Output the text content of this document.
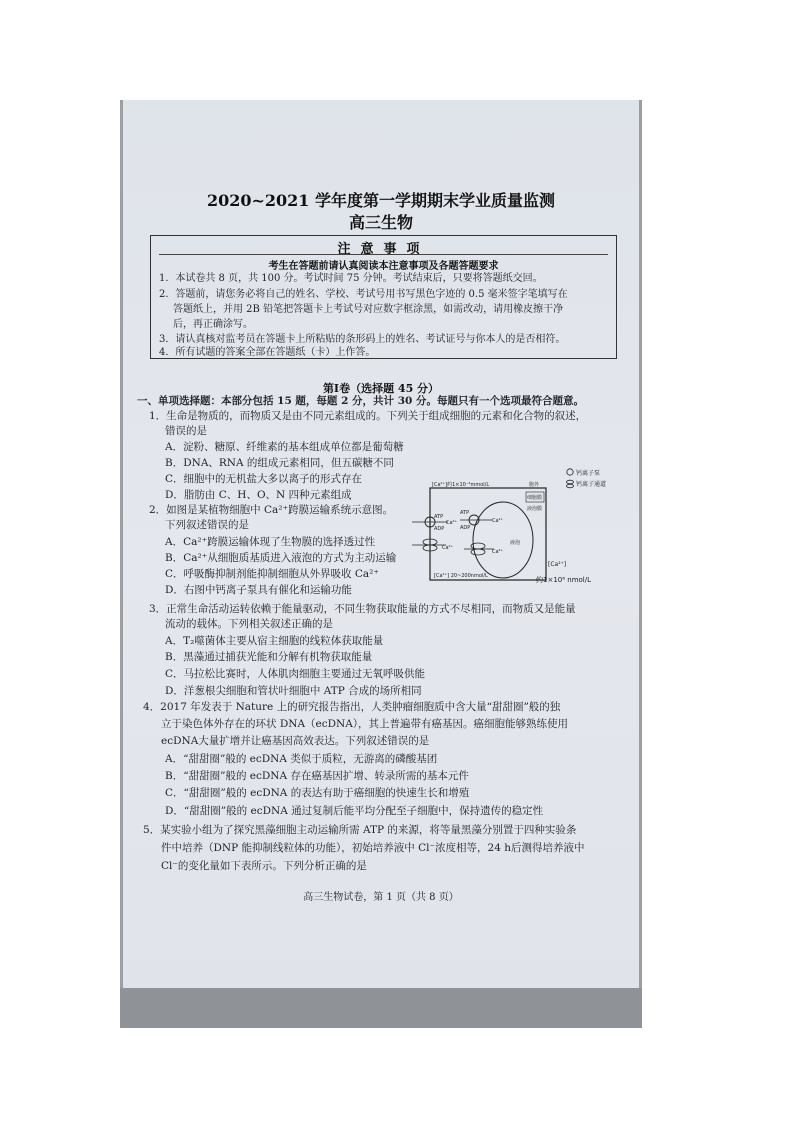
2020~2021 学年度第一学期期末学业质量监测
高三生物
注意事项
考生在答题前请认真阅读本注意事项及各题答题要求
1．本试卷共 8 页，共 100 分。考试时间 75 分钟。考试结束后，只要将答题纸交回。
2．答题前，请您务必将自己的姓名、学校、考试号用书写黑色字迹的 0.5 毫米签字笔填写在
答题纸上，并用 2B 铅笔把答题卡上考试号对应数字框涂黑，如需改动，请用橡皮擦干净
后，再正确涂写。
3．请认真核对监考员在答题卡上所粘贴的条形码上的姓名、考试证号与你本人的是否相符。
4．所有试题的答案全部在答题纸（卡）上作答。
第Ⅰ卷（选择题 45 分）
一、单项选择题：本部分包括 15 题，每题 2 分，共计 30 分。每题只有一个选项最符合题意。
1．生命是物质的，而物质又是由不同元素组成的。下列关于组成细胞的元素和化合物的叙述，
错误的是
A．淀粉、糖原、纤维素的基本组成单位都是葡萄糖
B．DNA、RNA 的组成元素相同，但五碳糖不同
C．细胞中的无机盐大多以离子的形式存在
D．脂肪由 C、H、O、N 四种元素组成
2．如图是某植物细胞中 Ca²⁺跨膜运输系统示意图。
下列叙述错误的是
A．Ca²⁺跨膜运输体现了生物膜的选择透过性
B．Ca²⁺从细胞质基质进入液泡的方式为主动运输
C．呼吸酶抑制剂能抑制细胞从外界吸收 Ca²⁺
D．右图中钙离子泵具有催化和运输功能
钙离子泵
钙离子通道
[Ca²⁺]约1×10⁻⁴mmol/L	胞外
细胞膜
液泡膜
液泡
ATP
ADP
Ca²⁺
Ca²⁺
ATP
ADP
Ca²⁺
Ca²⁺
[Ca²⁺] 20~200nmol/L
[Ca²⁺]
约1×10⁶ nmol/L
3．正常生命活动运转依赖于能量驱动，不同生物获取能量的方式不尽相同，而物质又是能量
流动的载体。下列相关叙述正确的是
A．T₂噬菌体主要从宿主细胞的线粒体获取能量
B．黑藻通过捕获光能和分解有机物获取能量
C．马拉松比赛时，人体肌肉细胞主要通过无氧呼吸供能
D．洋葱根尖细胞和管状叶细胞中 ATP 合成的场所相同
4．2017 年发表于 Nature 上的研究报告指出，人类肿瘤细胞质中含大量“甜甜圈”般的独
立于染色体外存在的环状 DNA（ecDNA），其上普遍带有癌基因。癌细胞能够熟练使用
ecDNA大量扩增并让癌基因高效表达。下列叙述错误的是
A．“甜甜圈”般的 ecDNA 类似于质粒，无游离的磷酸基团
B．“甜甜圈”般的 ecDNA 存在癌基因扩增、转录所需的基本元件
C．“甜甜圈”般的 ecDNA 的表达有助于癌细胞的快速生长和增殖
D．“甜甜圈”般的 ecDNA 通过复制后能平均分配至子细胞中，保持遗传的稳定性
5．某实验小组为了探究黑藻细胞主动运输所需 ATP 的来源，将等量黑藻分别置于四种实验条
件中培养（DNP 能抑制线粒体的功能），初始培养液中 Cl⁻浓度相等，24 h后测得培养液中
Cl⁻的变化量如下表所示。下列分析正确的是
高三生物试卷，第 1 页（共 8 页）
